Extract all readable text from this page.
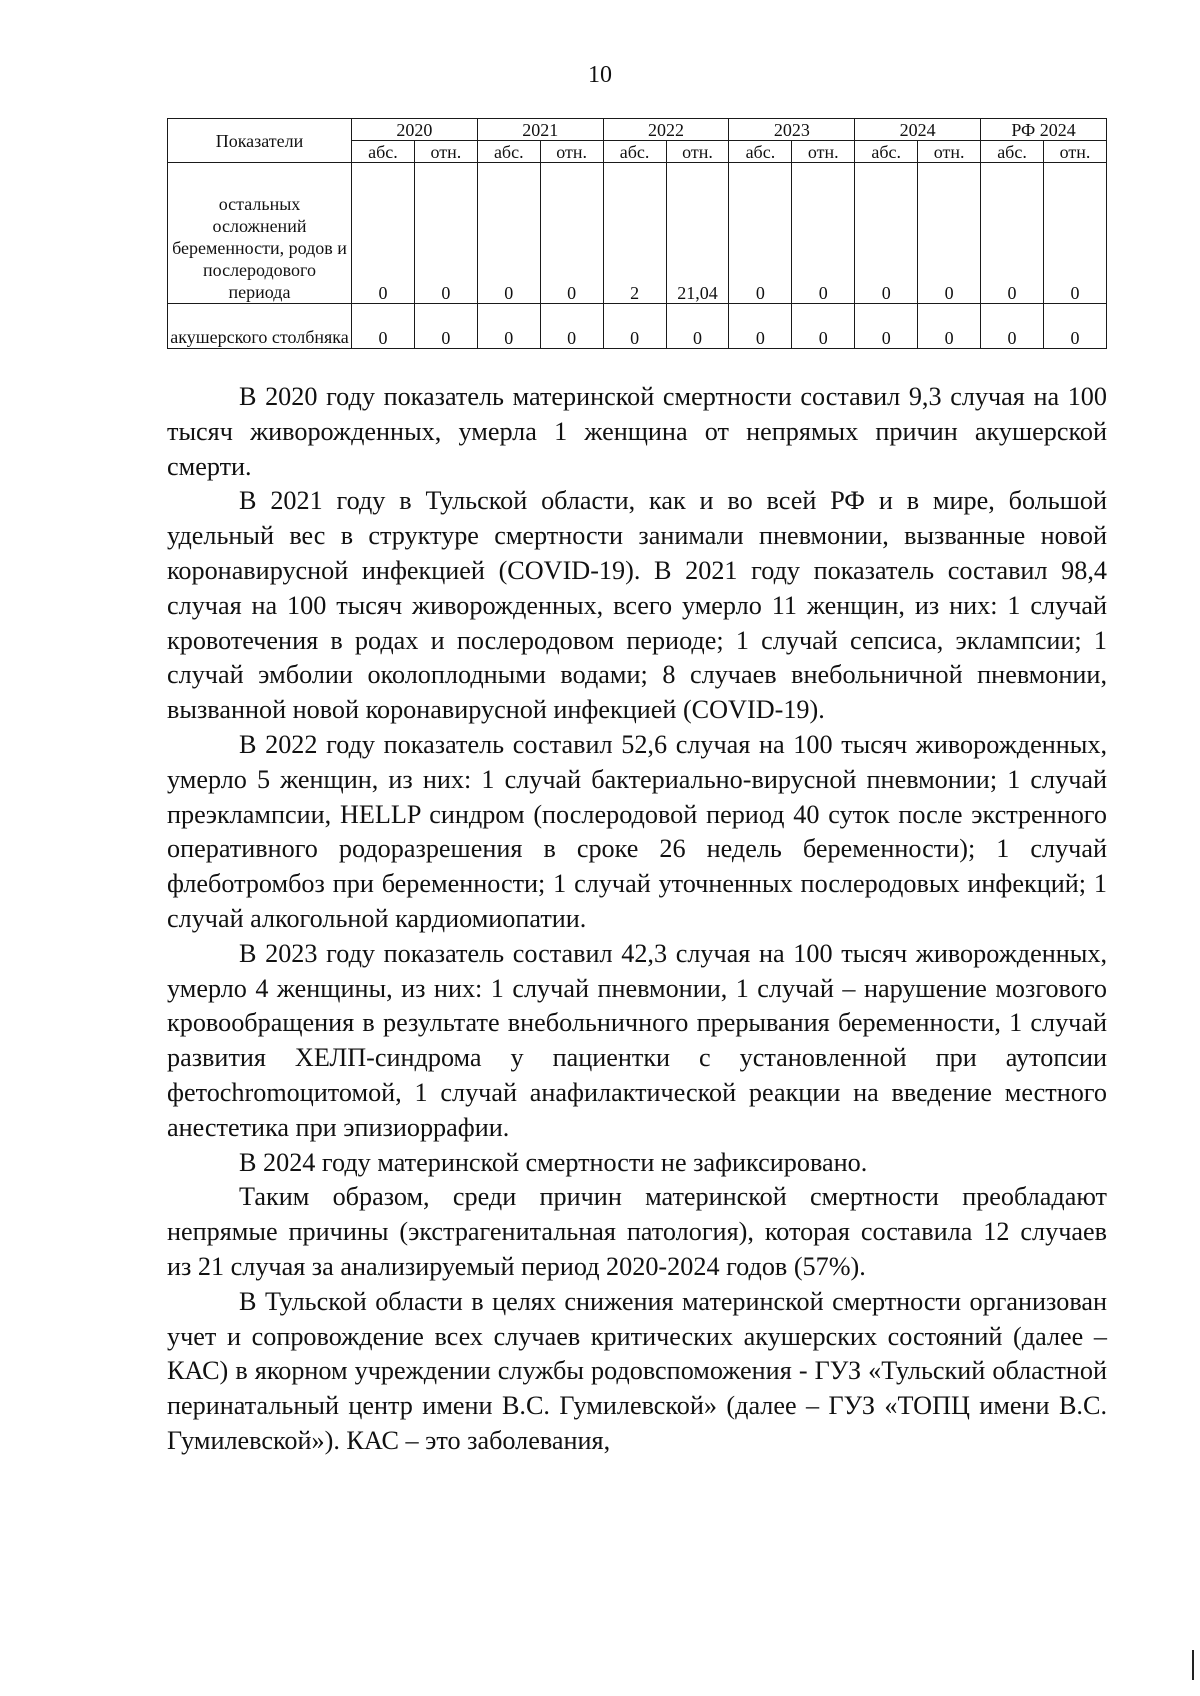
10
Показатели	2020		2021		2022		2023		2024		РФ 2024	
	абс.	отн.	абс.	отн.	абс.	отн.	абс.	отн.	абс.	отн.	абс.	отн.
остальных осложнений беременности, родов и послеродового периода	0	0	0	0	2	21,04	0	0	0	0	0	0
акушерского столбняка	0	0	0	0	0	0	0	0	0	0	0	0

В 2020 году показатель материнской смертности составил 9,3 случая на 100 тысяч живорожденных, умерла 1 женщина от непрямых причин акушерской смерти.

В 2021 году в Тульской области, как и во всей РФ и в мире, большой удельный вес в структуре смертности занимали пневмонии, вызванные новой коронавирусной инфекцией (COVID-19). В 2021 году показатель составил 98,4 случая на 100 тысяч живорожденных, всего умерло 11 женщин, из них: 1 случай кровотечения в родах и послеродовом периоде; 1 случай сепсиса, эклампсии; 1 случай эмболии околоплодными водами; 8 случаев внебольничной пневмонии, вызванной новой коронавирусной инфекцией (COVID-19).

В 2022 году показатель составил 52,6 случая на 100 тысяч живорожденных, умерло 5 женщин, из них: 1 случай бактериально-вирусной пневмонии; 1 случай преэклампсии, HELLP синдром (послеродовой период 40 суток после экстренного оперативного родоразрешения в сроке 26 недель беременности); 1 случай флеботромбоз при беременности; 1 случай уточненных послеродовых инфекций; 1 случай алкогольной кардиомиопатии.

В 2023 году показатель составил 42,3 случая на 100 тысяч живорожденных, умерло 4 женщины, из них: 1 случай пневмонии, 1 случай – нарушение мозгового кровообращения в результате внебольничного прерывания беременности, 1 случай развития ХЕЛП-синдрома у пациентки с установленной при аутопсии фетоchromoцитомой, 1 случай анафилактической реакции на введение местного анестетика при эпизиоррафии.

В 2024 году материнской смертности не зафиксировано.

Таким образом, среди причин материнской смертности преобладают непрямые причины (экстрагенитальная патология), которая составила 12 случаев из 21 случая за анализируемый период 2020-2024 годов (57%).

В Тульской области в целях снижения материнской смертности организован учет и сопровождение всех случаев критических акушерских состояний (далее – КАС) в якорном учреждении службы родовспоможения - ГУЗ «Тульский областной перинатальный центр имени В.С. Гумилевской» (далее – ГУЗ «ТОПЦ имени В.С. Гумилевской»). КАС – это заболевания,
